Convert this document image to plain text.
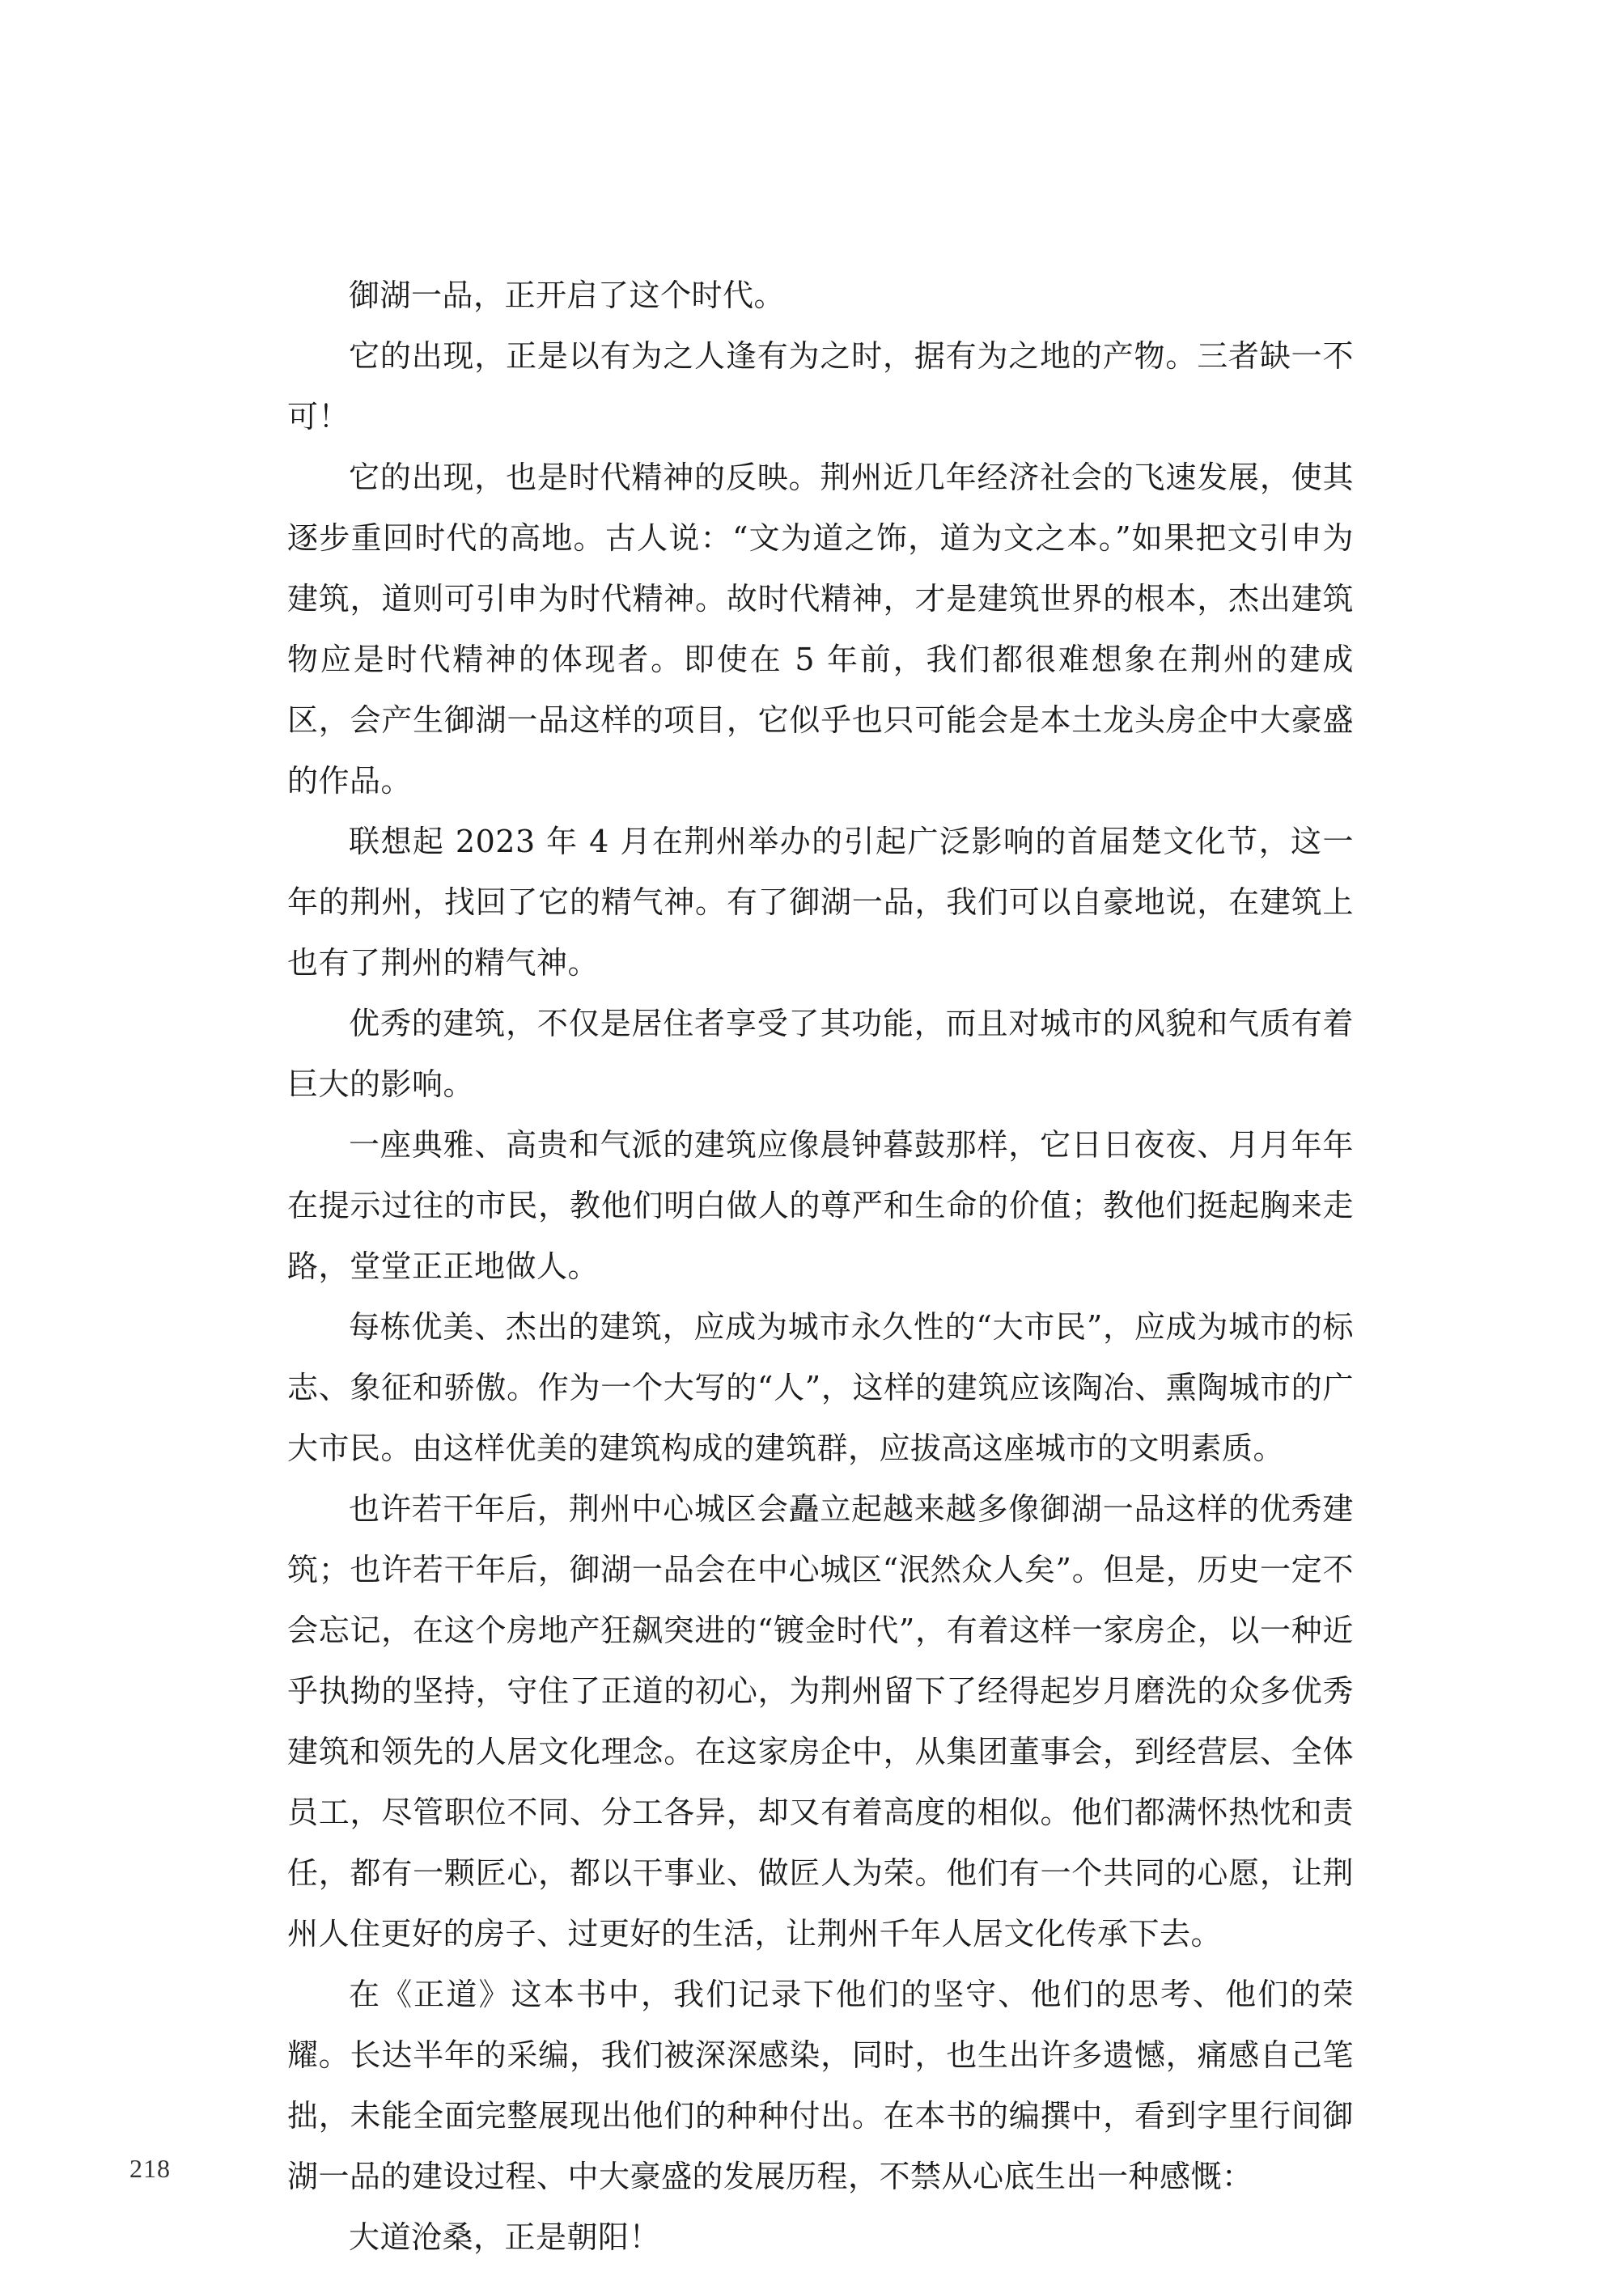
御湖一品，正开启了这个时代。

它的出现，正是以有为之人逢有为之时，据有为之地的产物。三者缺一不可！

它的出现，也是时代精神的反映。荆州近几年经济社会的飞速发展，使其逐步重回时代的高地。古人说：“文为道之饰，道为文之本。”如果把文引申为建筑，道则可引申为时代精神。故时代精神，才是建筑世界的根本，杰出建筑物应是时代精神的体现者。即使在 5 年前，我们都很难想象在荆州的建成区，会产生御湖一品这样的项目，它似乎也只可能会是本土龙头房企中大豪盛的作品。

联想起 2023 年 4 月在荆州举办的引起广泛影响的首届楚文化节，这一年的荆州，找回了它的精气神。有了御湖一品，我们可以自豪地说，在建筑上也有了荆州的精气神。

优秀的建筑，不仅是居住者享受了其功能，而且对城市的风貌和气质有着巨大的影响。

一座典雅、高贵和气派的建筑应像晨钟暮鼓那样，它日日夜夜、月月年年在提示过往的市民，教他们明白做人的尊严和生命的价值；教他们挺起胸来走路，堂堂正正地做人。

每栋优美、杰出的建筑，应成为城市永久性的“大市民”，应成为城市的标志、象征和骄傲。作为一个大写的“人”，这样的建筑应该陶冶、熏陶城市的广大市民。由这样优美的建筑构成的建筑群，应拔高这座城市的文明素质。

也许若干年后，荆州中心城区会矗立起越来越多像御湖一品这样的优秀建筑；也许若干年后，御湖一品会在中心城区“泯然众人矣”。但是，历史一定不会忘记，在这个房地产狂飙突进的“镀金时代”，有着这样一家房企，以一种近乎执拗的坚持，守住了正道的初心，为荆州留下了经得起岁月磨洗的众多优秀建筑和领先的人居文化理念。在这家房企中，从集团董事会，到经营层、全体员工，尽管职位不同、分工各异，却又有着高度的相似。他们都满怀热忱和责任，都有一颗匠心，都以干事业、做匠人为荣。他们有一个共同的心愿，让荆州人住更好的房子、过更好的生活，让荆州千年人居文化传承下去。

在《正道》这本书中，我们记录下他们的坚守、他们的思考、他们的荣耀。长达半年的采编，我们被深深感染，同时，也生出许多遗憾，痛感自己笔拙，未能全面完整展现出他们的种种付出。在本书的编撰中，看到字里行间御湖一品的建设过程、中大豪盛的发展历程，不禁从心底生出一种感慨：

大道沧桑，正是朝阳！

218
